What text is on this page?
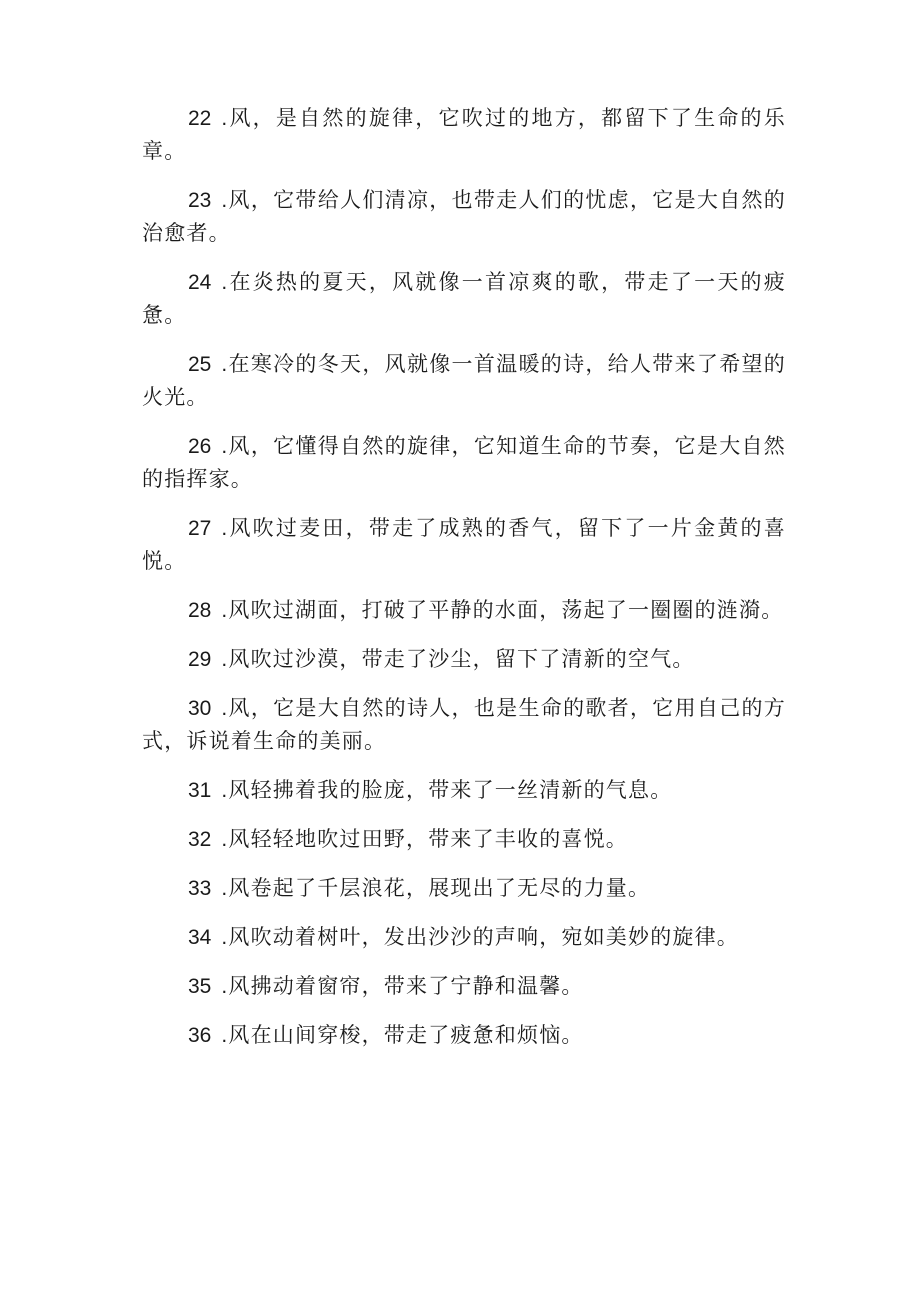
22 .风，是自然的旋律，它吹过的地方，都留下了生命的乐章。

23 .风，它带给人们清凉，也带走人们的忧虑，它是大自然的治愈者。

24 .在炎热的夏天，风就像一首凉爽的歌，带走了一天的疲惫。

25 .在寒冷的冬天，风就像一首温暖的诗，给人带来了希望的火光。

26 .风，它懂得自然的旋律，它知道生命的节奏，它是大自然的指挥家。

27 .风吹过麦田，带走了成熟的香气，留下了一片金黄的喜悦。

28 .风吹过湖面，打破了平静的水面，荡起了一圈圈的涟漪。

29 .风吹过沙漠，带走了沙尘，留下了清新的空气。

30 .风，它是大自然的诗人，也是生命的歌者，它用自己的方式，诉说着生命的美丽。

31 .风轻拂着我的脸庞，带来了一丝清新的气息。

32 .风轻轻地吹过田野，带来了丰收的喜悦。

33 .风卷起了千层浪花，展现出了无尽的力量。

34 .风吹动着树叶，发出沙沙的声响，宛如美妙的旋律。

35 .风拂动着窗帘，带来了宁静和温馨。

36 .风在山间穿梭，带走了疲惫和烦恼。
